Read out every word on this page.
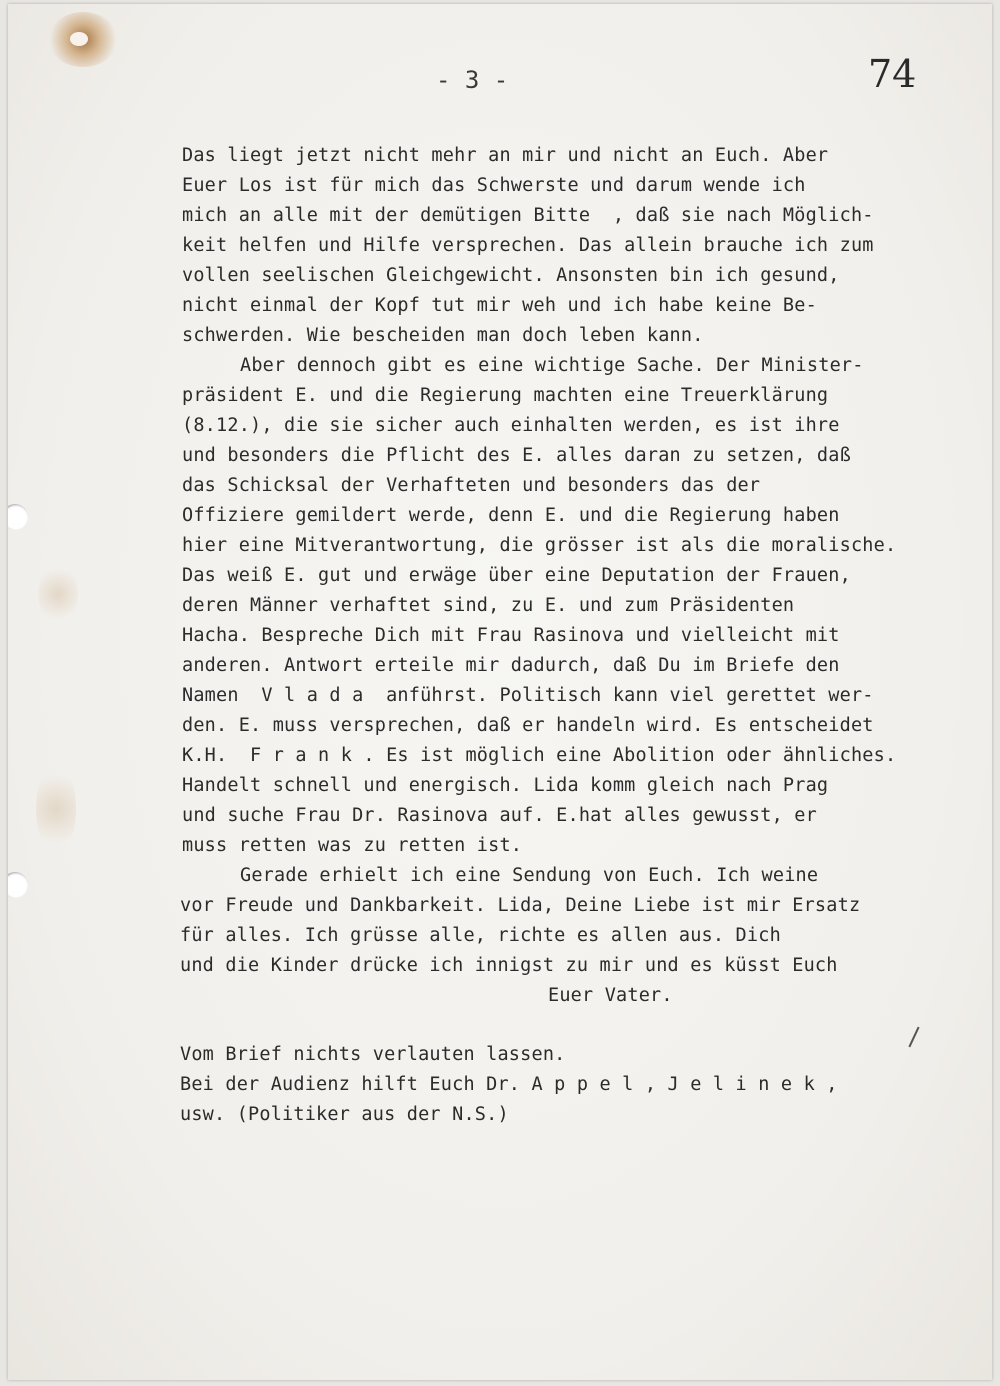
- 3 -	74
Das liegt jetzt nicht mehr an mir und nicht an Euch. Aber
Euer Los ist für mich das Schwerste und darum wende ich
mich an alle mit der demütigen Bitte  , daß sie nach Möglich-
keit helfen und Hilfe versprechen. Das allein brauche ich zum
vollen seelischen Gleichgewicht. Ansonsten bin ich gesund,
nicht einmal der Kopf tut mir weh und ich habe keine Be-
schwerden. Wie bescheiden man doch leben kann.
Aber dennoch gibt es eine wichtige Sache. Der Minister-
präsident E. und die Regierung machten eine Treuerklärung
(8.12.), die sie sicher auch einhalten werden, es ist ihre
und besonders die Pflicht des E. alles daran zu setzen, daß
das Schicksal der Verhafteten und besonders das der
Offiziere gemildert werde, denn E. und die Regierung haben
hier eine Mitverantwortung, die grösser ist als die moralische.
Das weiß E. gut und erwäge über eine Deputation der Frauen,
deren Männer verhaftet sind, zu E. und zum Präsidenten
Hacha. Bespreche Dich mit Frau Rasinova und vielleicht mit
anderen. Antwort erteile mir dadurch, daß Du im Briefe den
Namen  V l a d a  anführst. Politisch kann viel gerettet wer-
den. E. muss versprechen, daß er handeln wird. Es entscheidet
K.H.  F r a n k . Es ist möglich eine Abolition oder ähnliches.
Handelt schnell und energisch. Lida komm gleich nach Prag
und suche Frau Dr. Rasinova auf. E.hat alles gewusst, er
muss retten was zu retten ist.
Gerade erhielt ich eine Sendung von Euch. Ich weine
vor Freude und Dankbarkeit. Lida, Deine Liebe ist mir Ersatz
für alles. Ich grüsse alle, richte es allen aus. Dich
und die Kinder drücke ich innigst zu mir und es küsst Euch
Euer Vater.
Vom Brief nichts verlauten lassen.
Bei der Audienz hilft Euch Dr. A p p e l , J e l i n e k ,
usw. (Politiker aus der N.S.)
